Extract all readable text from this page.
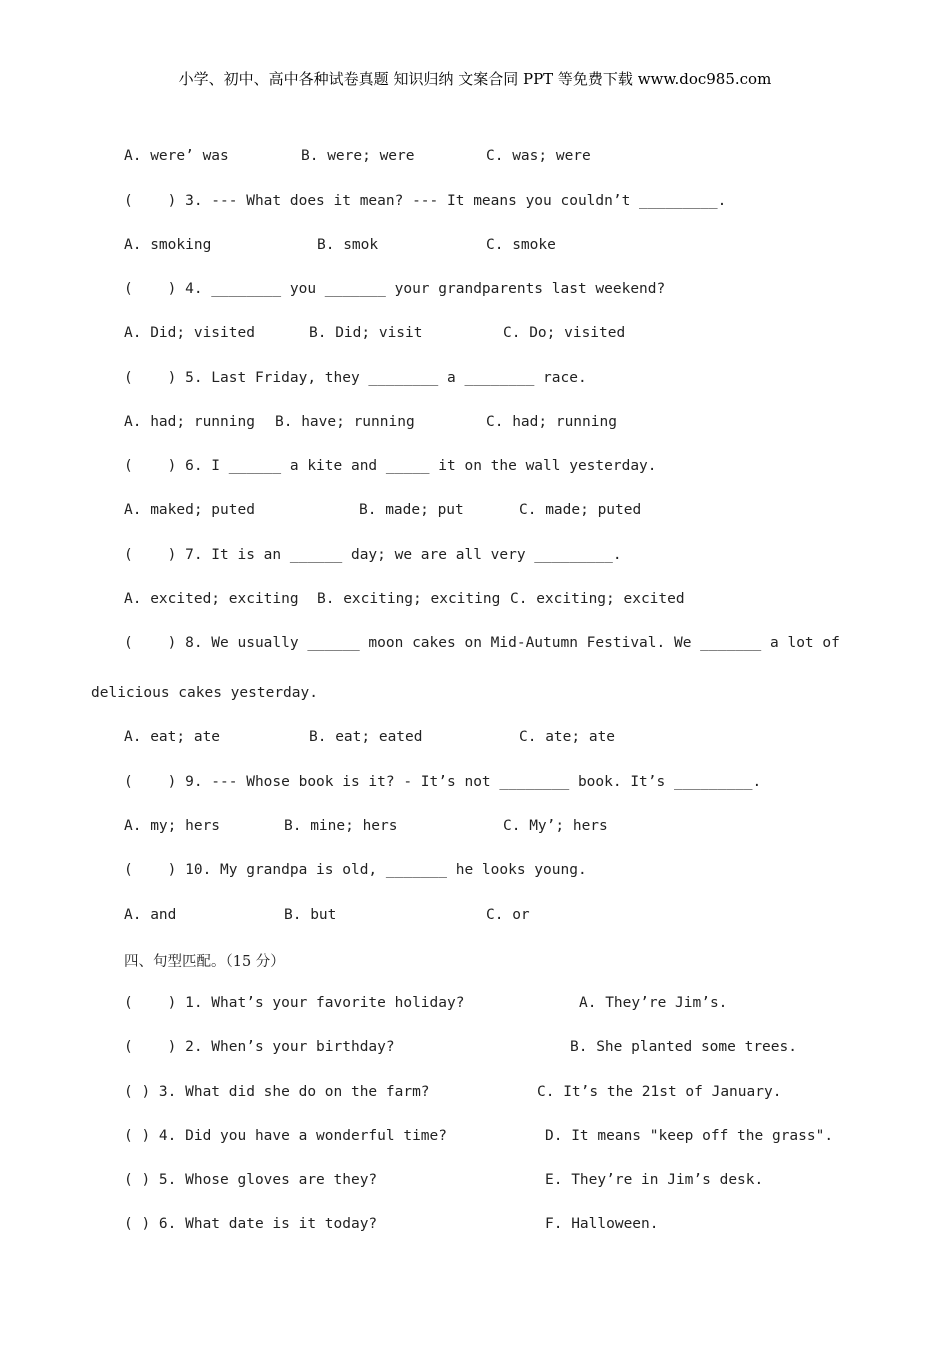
小学、初中、高中各种试卷真题 知识归纳 文案合同 PPT 等免费下载 www.doc985.com

A. were’ was

	B. were; were

	C. was; were

(    ) 3. --- What does it mean? --- It means you couldn’t _________.

A. smoking

	B. smok

	C. smoke

(    ) 4. ________ you _______ your grandparents last weekend?

A. Did; visited

	B. Did; visit

	C. Do; visited

(    ) 5. Last Friday, they ________ a ________ race.

A. had; running

B. have; running

	C. had; running

(    ) 6. I ______ a kite and _____ it on the wall yesterday.

A. maked; puted

	B. made; put

	C. made; puted

(    ) 7. It is an ______ day; we are all very _________.

A. excited; exciting

B. exciting; exciting

C. exciting; excited

(    ) 8. We usually ______ moon cakes on Mid-Autumn Festival. We _______ a lot of
delicious cakes yesterday.

A. eat; ate

	B. eat; eated

	C. ate; ate

(    ) 9. --- Whose book is it? - It’s not ________ book. It’s _________.

A. my; hers

	B. mine; hers

	C. My’; hers

(    ) 10. My grandpa is old, _______ he looks young.

A. and

	B. but

	C. or

四、句型匹配。（15 分）

(    ) 1. What’s your favorite holiday?

	A. They’re Jim’s.

(    ) 2. When’s your birthday?

	B. She planted some trees.

( ) 3. What did she do on the farm?

	C. It’s the 21st of January.

( ) 4. Did you have a wonderful time?

	D. It means "keep off the grass".

( ) 5. Whose gloves are they?

	E. They’re in Jim’s desk.

( ) 6. What date is it today?

	F. Halloween.
